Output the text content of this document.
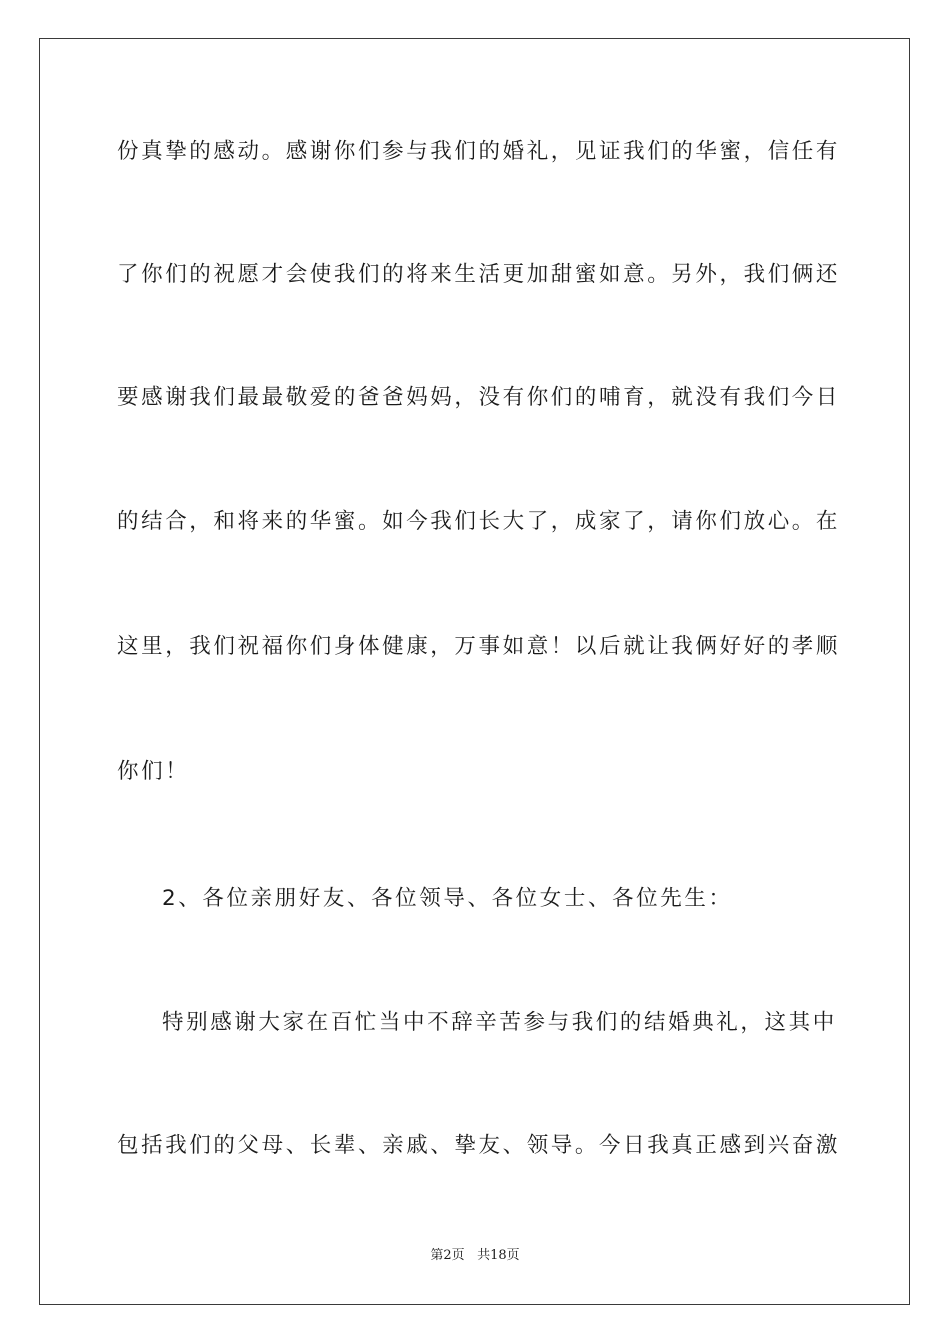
份真挚的感动。感谢你们参与我们的婚礼，见证我们的华蜜，信任有
了你们的祝愿才会使我们的将来生活更加甜蜜如意。另外，我们俩还
要感谢我们最最敬爱的爸爸妈妈，没有你们的哺育，就没有我们今日
的结合，和将来的华蜜。如今我们长大了，成家了，请你们放心。在
这里，我们祝福你们身体健康，万事如意！以后就让我俩好好的孝顺
你们！
2、各位亲朋好友、各位领导、各位女士、各位先生：
特别感谢大家在百忙当中不辞辛苦参与我们的结婚典礼，这其中
包括我们的父母、长辈、亲戚、挚友、领导。今日我真正感到兴奋激
第2页 共18页
